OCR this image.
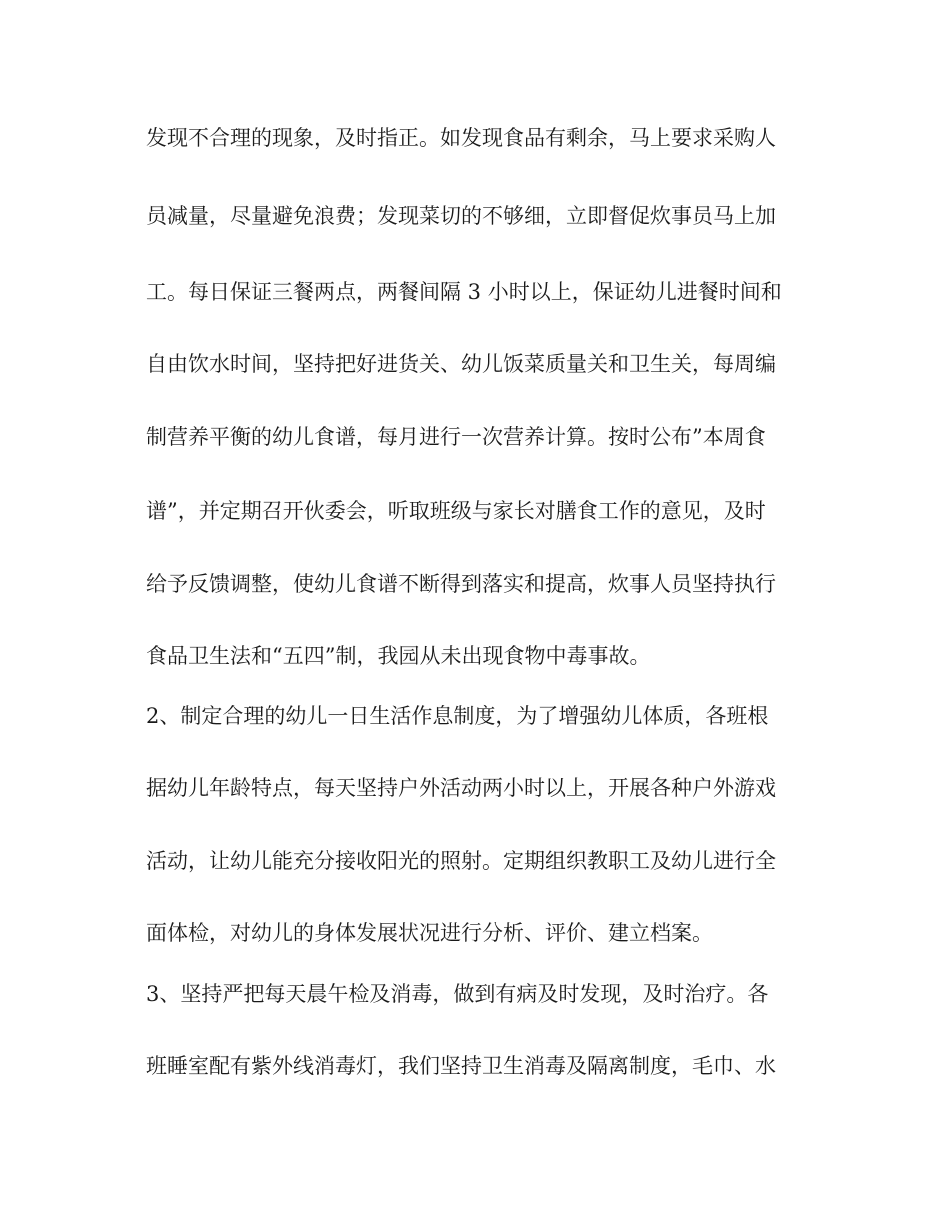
发现不合理的现象，及时指正。如发现食品有剩余，马上要求采购人
员减量，尽量避免浪费；发现菜切的不够细，立即督促炊事员马上加
工。每日保证三餐两点，两餐间隔 3 小时以上，保证幼儿进餐时间和
自由饮水时间，坚持把好进货关、幼儿饭菜质量关和卫生关，每周编
制营养平衡的幼儿食谱，每月进行一次营养计算。按时公布”本周食
谱”，并定期召开伙委会，听取班级与家长对膳食工作的意见，及时
给予反馈调整，使幼儿食谱不断得到落实和提高，炊事人员坚持执行
食品卫生法和“五四”制，我园从未出现食物中毒事故。
2、制定合理的幼儿一日生活作息制度，为了增强幼儿体质，各班根
据幼儿年龄特点，每天坚持户外活动两小时以上，开展各种户外游戏
活动，让幼儿能充分接收阳光的照射。定期组织教职工及幼儿进行全
面体检，对幼儿的身体发展状况进行分析、评价、建立档案。
3、坚持严把每天晨午检及消毒，做到有病及时发现，及时治疗。各
班睡室配有紫外线消毒灯，我们坚持卫生消毒及隔离制度，毛巾、水
